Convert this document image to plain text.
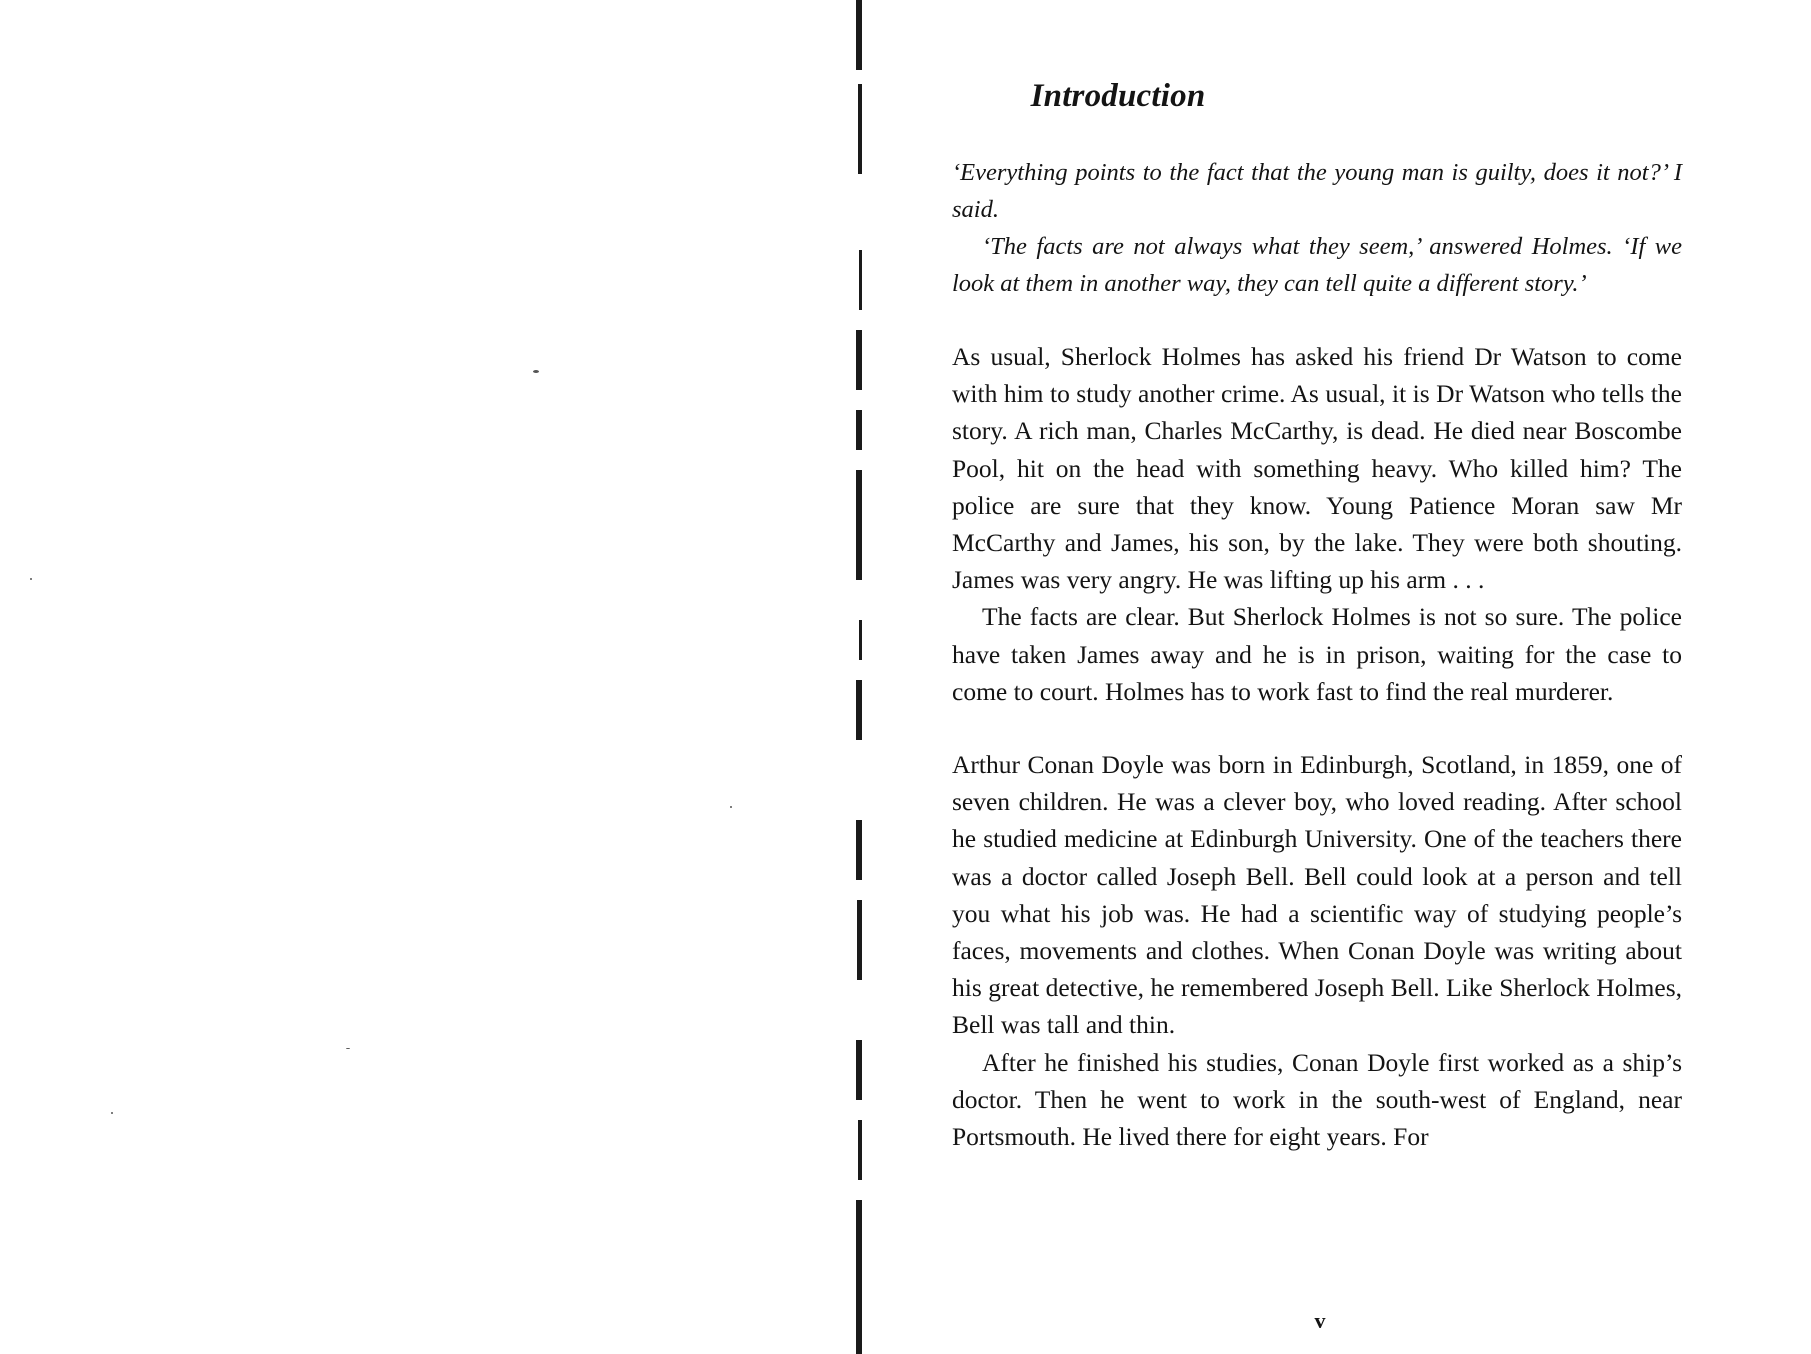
Introduction

‘Everything points to the fact that the young man is guilty, does it not?’ I said.

‘The facts are not always what they seem,’ answered Holmes. ‘If we look at them in another way, they can tell quite a different story.’

As usual, Sherlock Holmes has asked his friend Dr Watson to come with him to study another crime. As usual, it is Dr Watson who tells the story. A rich man, Charles McCarthy, is dead. He died near Boscombe Pool, hit on the head with something heavy. Who killed him? The police are sure that they know. Young Patience Moran saw Mr McCarthy and James, his son, by the lake. They were both shouting. James was very angry. He was lifting up his arm . . .

The facts are clear. But Sherlock Holmes is not so sure. The police have taken James away and he is in prison, waiting for the case to come to court. Holmes has to work fast to find the real murderer.

Arthur Conan Doyle was born in Edinburgh, Scotland, in 1859, one of seven children. He was a clever boy, who loved reading. After school he studied medicine at Edinburgh University. One of the teachers there was a doctor called Joseph Bell. Bell could look at a person and tell you what his job was. He had a scientific way of studying people’s faces, movements and clothes. When Conan Doyle was writing about his great detective, he remembered Joseph Bell. Like Sherlock Holmes, Bell was tall and thin.

After he finished his studies, Conan Doyle first worked as a ship’s doctor. Then he went to work in the south-west of England, near Portsmouth. He lived there for eight years. For

v
